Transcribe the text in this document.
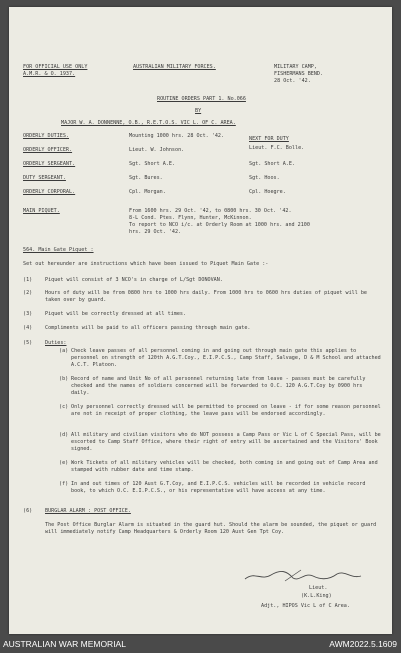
FOR OFFICIAL USE ONLY
A.M.R. & O. 1937.
AUSTRALIAN MILITARY FORCES.	MILITARY CAMP,
FISHERMANS BEND.
28 Oct. '42.
ROUTINE ORDERS PART 1. No.066
BY
MAJOR W. A. DONNENNE, O.B., R.E.T.O.S. VIC L. OF C. AREA.
ORDERLY DUTIES.	Mounting 1000 hrs. 28 Oct. '42.	NEXT FOR DUTY
ORDERLY OFFICER.	Lieut. W. Johnson.	Lieut. F.C. Bolle.
ORDERLY SERGEANT.	Sgt. Short A.E.	Sgt. Short A.E.
DUTY SERGEANT.	Sgt. Bures.	Sgt. Hoos.
ORDERLY CORPORAL.	Cpl. Morgan.	Cpl. Hoegre.
MAIN PIQUET.	From 1600 hrs. 29 Oct. '42, to 0800 hrs. 30 Oct. '42.
8-L Cond. Ptes. Flynn, Hunter, McKinnon.
To report to NCO i/c. at Orderly Room at 1000 hrs. and 2100
hrs. 29 Oct. '42.
564. Main Gate Piquet :
Set out hereunder are instructions which have been issued to Piquet Main Gate :-
(1)	Piquet will consist of 3 NCO's in charge of L/Sgt DONOVAN.
(2)	Hours of duty will be from 0800 hrs to 1000 hrs daily. From 1000 hrs to 0600 hrs duties of piquet will be taken over by guard.
(3)	Piquet will be correctly dressed at all times.
(4)	Compliments will be paid to all officers passing through main gate.
(5)	Duties:
(a) Check leave passes of all personnel coming in and going out through main gate this applies to personnel on strength of 120th A.G.T.Coy., E.I.P.C.S., Camp Staff, Salvage, D & M School and attached A.C.T. Platoon.
(b) Record of name and Unit No of all personnel returning late from leave - passes must be carefully checked and the names of soldiers concerned will be forwarded to O.C. 120 A.G.T.Coy by 0900 hrs daily.
(c) Only personnel correctly dressed will be permitted to proceed on leave - if for some reason personnel are not in receipt of proper clothing, the leave pass will be endorsed accordingly.
(d) All military and civilian visitors who do NOT possess a Camp Pass or Vic L of C Special Pass, will be escorted to Camp Staff Office, where their right of entry will be ascertained and the Visitors' Book signed.
(e) Work Tickets of all military vehicles will be checked, both coming in and going out of Camp Area and stamped with rubber date and time stamp.
(f) In and out times of 120 Aust G.T.Coy, and E.I.P.C.S. vehicles will be recorded in vehicle record book, to which O.C. E.I.P.C.S., or his representative will have access at any time.
(6)	BURGLAR ALARM : POST OFFICE.
The Post Office Burglar Alarm is situated in the guard hut. Should the alarm be sounded, the piquet or guard will immediately notify Camp Headquarters & Orderly Room 120 Aust Gen Tpt Coy.
Lieut.
(K.L.King)
Adjt., HIPOS Vic L of C Area.
AUSTRALIAN WAR MEMORIAL	AWM2022.5.1609
